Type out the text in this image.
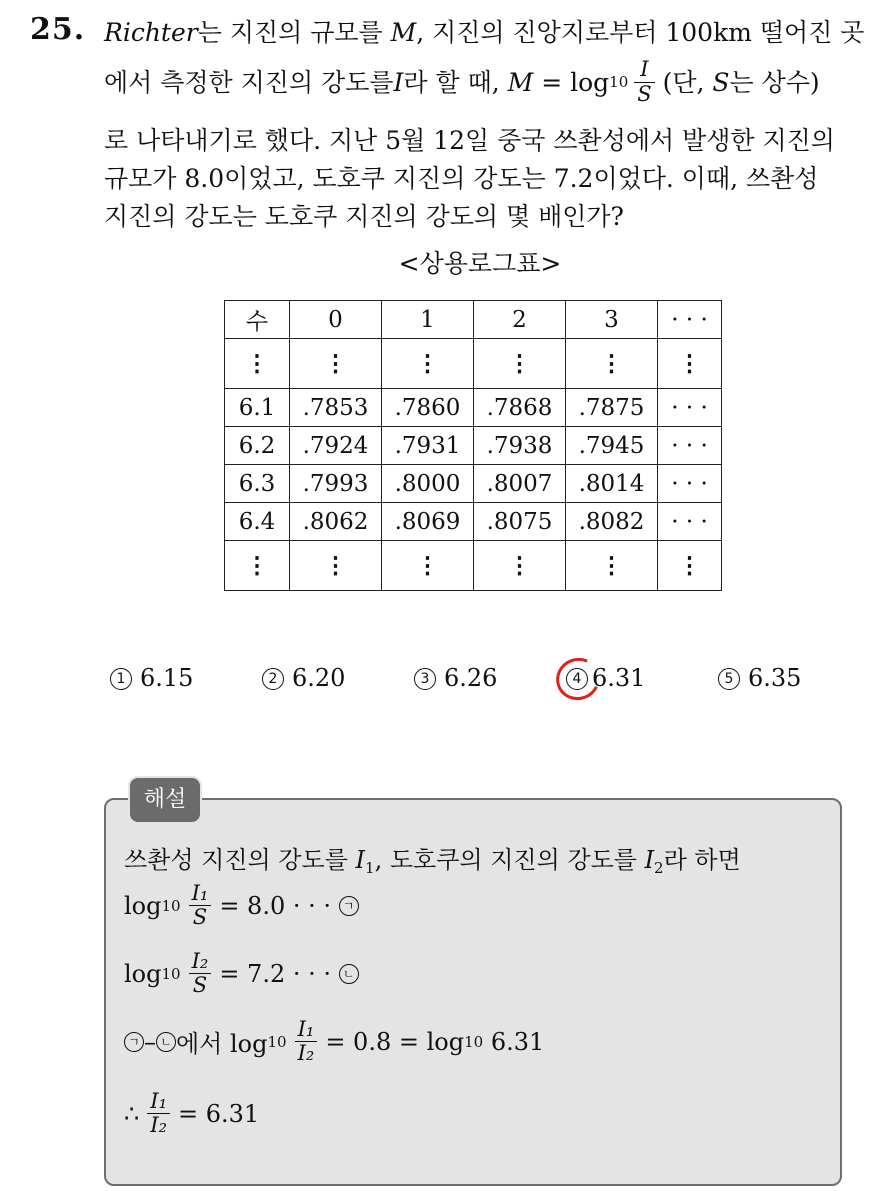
25. Richter는 지진의 규모를 M, 지진의 진앙지로부터 100km 떨어진 곳
에서 측정한 지진의 강도를 I 라 할 때, $M = \log 10 \frac{I}{S}$ (단, S 는 상수)
로 나타내기로 했다. 지난 5월 12일 중국 쓰촨성에서 발생한 지진의
규모가 8.0이었고, 도호쿠 지진의 강도는 7.2이었다. 이때, 쓰촨성
지진의 강도는 도호쿠 지진의 강도의 몇 배인가?
<상용로그표>
수	0	1	2	3	· · ·
⋮	⋮	⋮	⋮	⋮	⋮
6.1	.7853	.7860	.7868	.7875	· · ·
6.2	.7924	.7931	.7938	.7945	· · ·
6.3	.7993	.8000	.8007	.8014	· · ·
6.4	.8062	.8069	.8075	.8082	· · ·
⋮	⋮	⋮	⋮	⋮	⋮
1 6.15	2 6.20	3 6.26	4 6.31	5 6.35
해설
쓰촨성 지진의 강도를 $I_1$, 도호쿠의 지진의 강도를 $I_2$라 하면
$\log 10 \frac{\text{I₁}}{S} = 8.0$ · · ·
ㄱ
$\log 10 \frac{\text{I₂}}{S} = 7.2$ · · ·
ㄴ
ㄱ – ㄴ 에서 $\log 10 \frac{\text{I₁}}{\text{I₂}} = 0.8 = \log 10$
6.31
∴ $\frac{\text{I₁}}{\text{I₂}} = 6.31$
